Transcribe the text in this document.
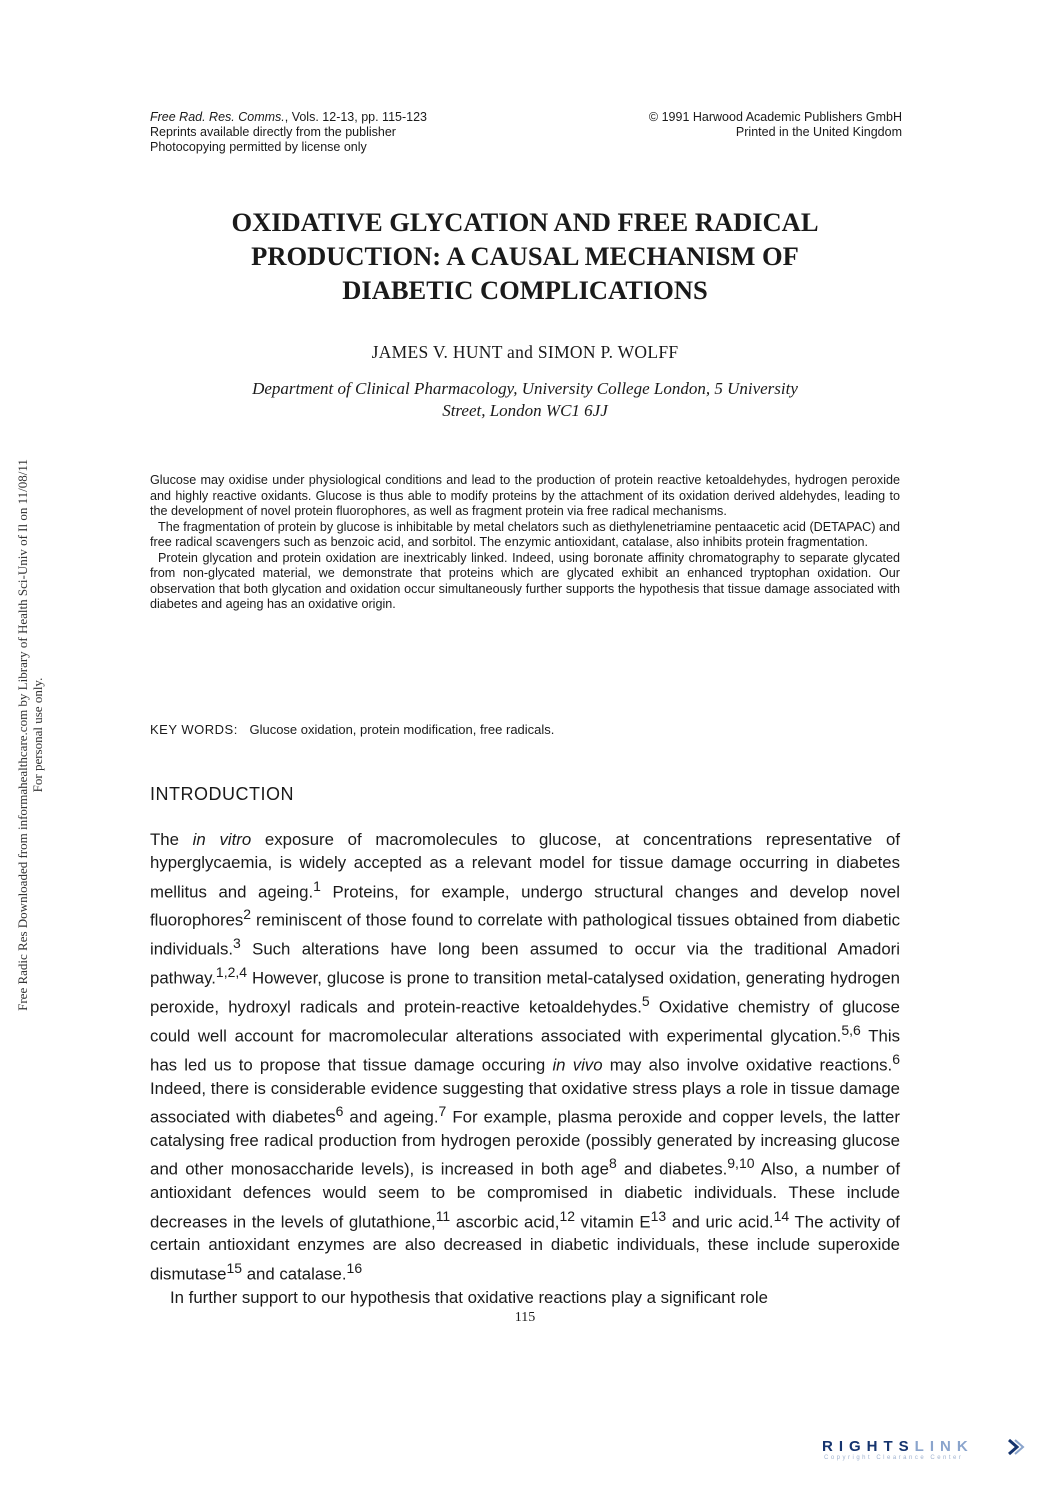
Free Radic Res Downloaded from informahealthcare.com by Library of Health Sci-Univ of Il on 11/08/11 For personal use only.
Free Rad. Res. Comms., Vols. 12-13, pp. 115-123
Reprints available directly from the publisher
Photocopying permitted by license only
© 1991 Harwood Academic Publishers GmbH
Printed in the United Kingdom
OXIDATIVE GLYCATION AND FREE RADICAL
PRODUCTION: A CAUSAL MECHANISM OF
DIABETIC COMPLICATIONS
JAMES V. HUNT and SIMON P. WOLFF
Department of Clinical Pharmacology, University College London, 5 University
Street, London WC1 6JJ

Glucose may oxidise under physiological conditions and lead to the production of protein reactive ketoaldehydes, hydrogen peroxide and highly reactive oxidants. Glucose is thus able to modify proteins by the attachment of its oxidation derived aldehydes, leading to the development of novel protein fluorophores, as well as fragment protein via free radical mechanisms.

The fragmentation of protein by glucose is inhibitable by metal chelators such as diethylenetriamine pentaacetic acid (DETAPAC) and free radical scavengers such as benzoic acid, and sorbitol. The enzymic antioxidant, catalase, also inhibits protein fragmentation.

Protein glycation and protein oxidation are inextricably linked. Indeed, using boronate affinity chromatography to separate glycated from non-glycated material, we demonstrate that proteins which are glycated exhibit an enhanced tryptophan oxidation. Our observation that both glycation and oxidation occur simultaneously further supports the hypothesis that tissue damage associated with diabetes and ageing has an oxidative origin.

KEY WORDS: Glucose oxidation, protein modification, free radicals.
INTRODUCTION

The in vitro exposure of macromolecules to glucose, at concentrations representative of hyperglycaemia, is widely accepted as a relevant model for tissue damage occurring in diabetes mellitus and ageing.$^1$ Proteins, for example, undergo structural changes and develop novel fluorophores$^2$ reminiscent of those found to correlate with pathological tissues obtained from diabetic individuals.$^3$ Such alterations have long been assumed to occur via the traditional Amadori pathway.$^{1,2,4}$ However, glucose is prone to transition metal-catalysed oxidation, generating hydrogen peroxide, hydroxyl radicals and protein-reactive ketoaldehydes.$^5$ Oxidative chemistry of glucose could well account for macromolecular alterations associated with experimental glycation.$^{5,6}$ This has led us to propose that tissue damage occuring in vivo may also involve oxidative reactions.$^6$ Indeed, there is considerable evidence suggesting that oxidative stress plays a role in tissue damage associated with diabetes$^6$ and ageing.$^7$ For example, plasma peroxide and copper levels, the latter catalysing free radical production from hydrogen peroxide (possibly generated by increasing glucose and other monosaccharide levels), is increased in both age$^8$ and diabetes.$^{9,10}$ Also, a number of antioxidant defences would seem to be compromised in diabetic individuals. These include decreases in the levels of glutathione,$^{11}$ ascorbic acid,$^{12}$ vitamin $E^{13}$ and uric acid.$^{14}$ The activity of certain antioxidant enzymes are also decreased in diabetic individuals, these include superoxide dismutase$^{15}$ and catalase.$^{16}$

In further support to our hypothesis that oxidative reactions play a significant role

115
RIGHTSLINK
Copyright Clearance Center
